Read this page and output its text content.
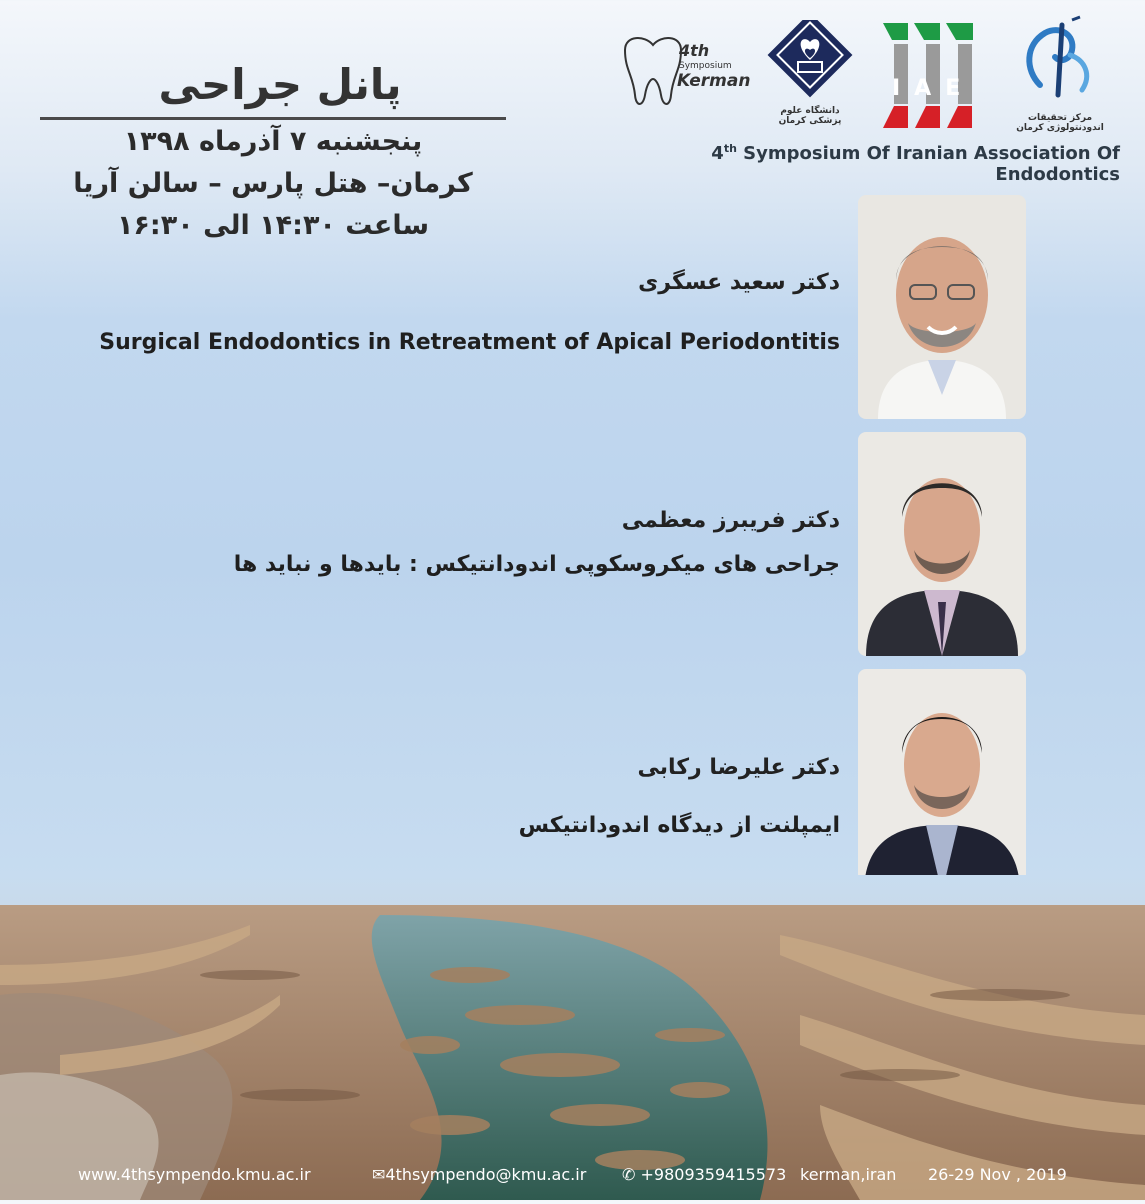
پانل جراحی
پنجشنبه ۷ آذرماه ۱۳۹۸
کرمان– هتل پارس – سالن آریا
ساعت ۱۴:۳۰ الی ۱۶:۳۰
4th
Symposium
Kerman
دانشگاه علوم پزشکی کرمان
IAE
مرکز تحقیقات اندودنتولوژی کرمان
4th Symposium Of Iranian Association Of Endodontics
دکتر سعید عسگری
Surgical Endodontics in Retreatment of Apical Periodontitis
دکتر فریبرز معظمی
جراحی های میکروسکوپی اندودانتیکس : بایدها و نباید ها
دکتر علیرضا رکابی
ایمپلنت از دیدگاه اندودانتیکس
www.4thsympendo.kmu.ac.ir	✉4thsympendo@kmu.ac.ir ✆ +9809359415573 kerman,iran 26-29 Nov , 2019
